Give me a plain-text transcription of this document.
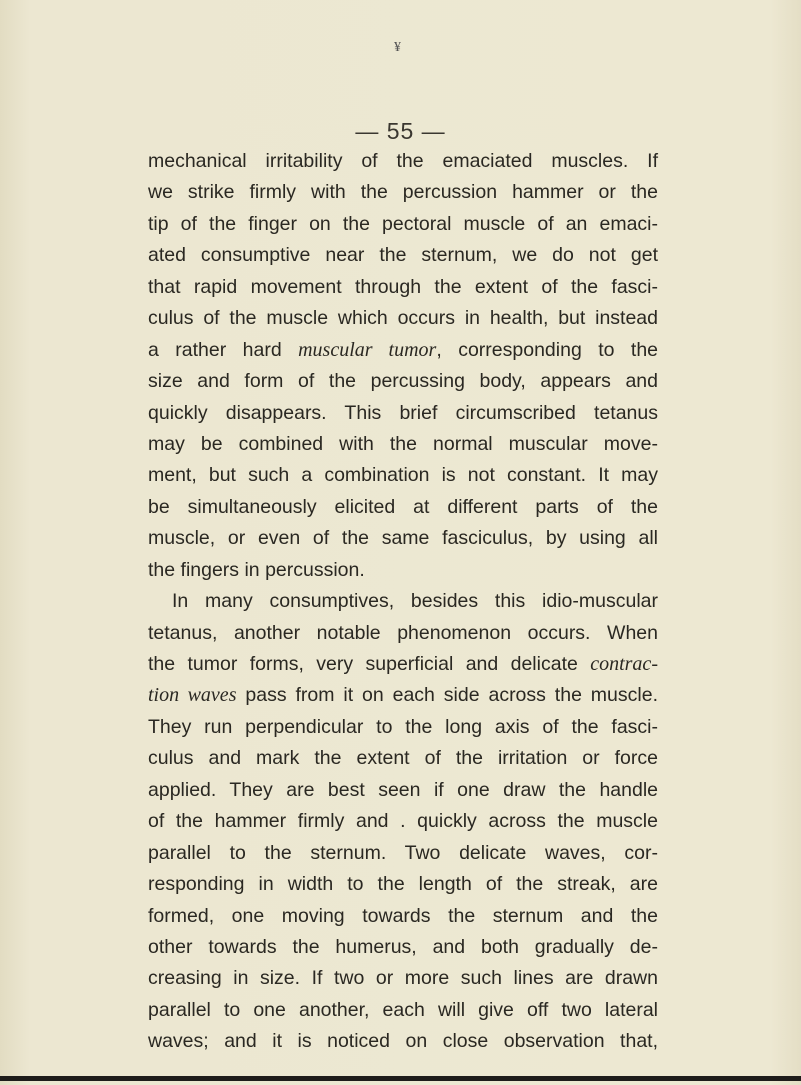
¥
— 55 —
mechanical irritability of the emaciated muscles. If
we strike firmly with the percussion hammer or the
tip of the finger on the pectoral muscle of an emaci-
ated consumptive near the sternum, we do not get
that rapid movement through the extent of the fasci-
culus of the muscle which occurs in health, but instead
a rather hard muscular tumor, corresponding to the
size and form of the percussing body, appears and
quickly disappears. This brief circumscribed tetanus
may be combined with the normal muscular move-
ment, but such a combination is not constant. It may
be simultaneously elicited at different parts of the
muscle, or even of the same fasciculus, by using all
the fingers in percussion.
In many consumptives, besides this idio-muscular
tetanus, another notable phenomenon occurs. When
the tumor forms, very superficial and delicate contrac-
tion waves pass from it on each side across the muscle.
They run perpendicular to the long axis of the fasci-
culus and mark the extent of the irritation or force
applied. They are best seen if one draw the handle
of the hammer firmly and . quickly across the muscle
parallel to the sternum. Two delicate waves, cor-
responding in width to the length of the streak, are
formed, one moving towards the sternum and the
other towards the humerus, and both gradually de-
creasing in size. If two or more such lines are drawn
parallel to one another, each will give off two lateral
waves; and it is noticed on close observation that,
